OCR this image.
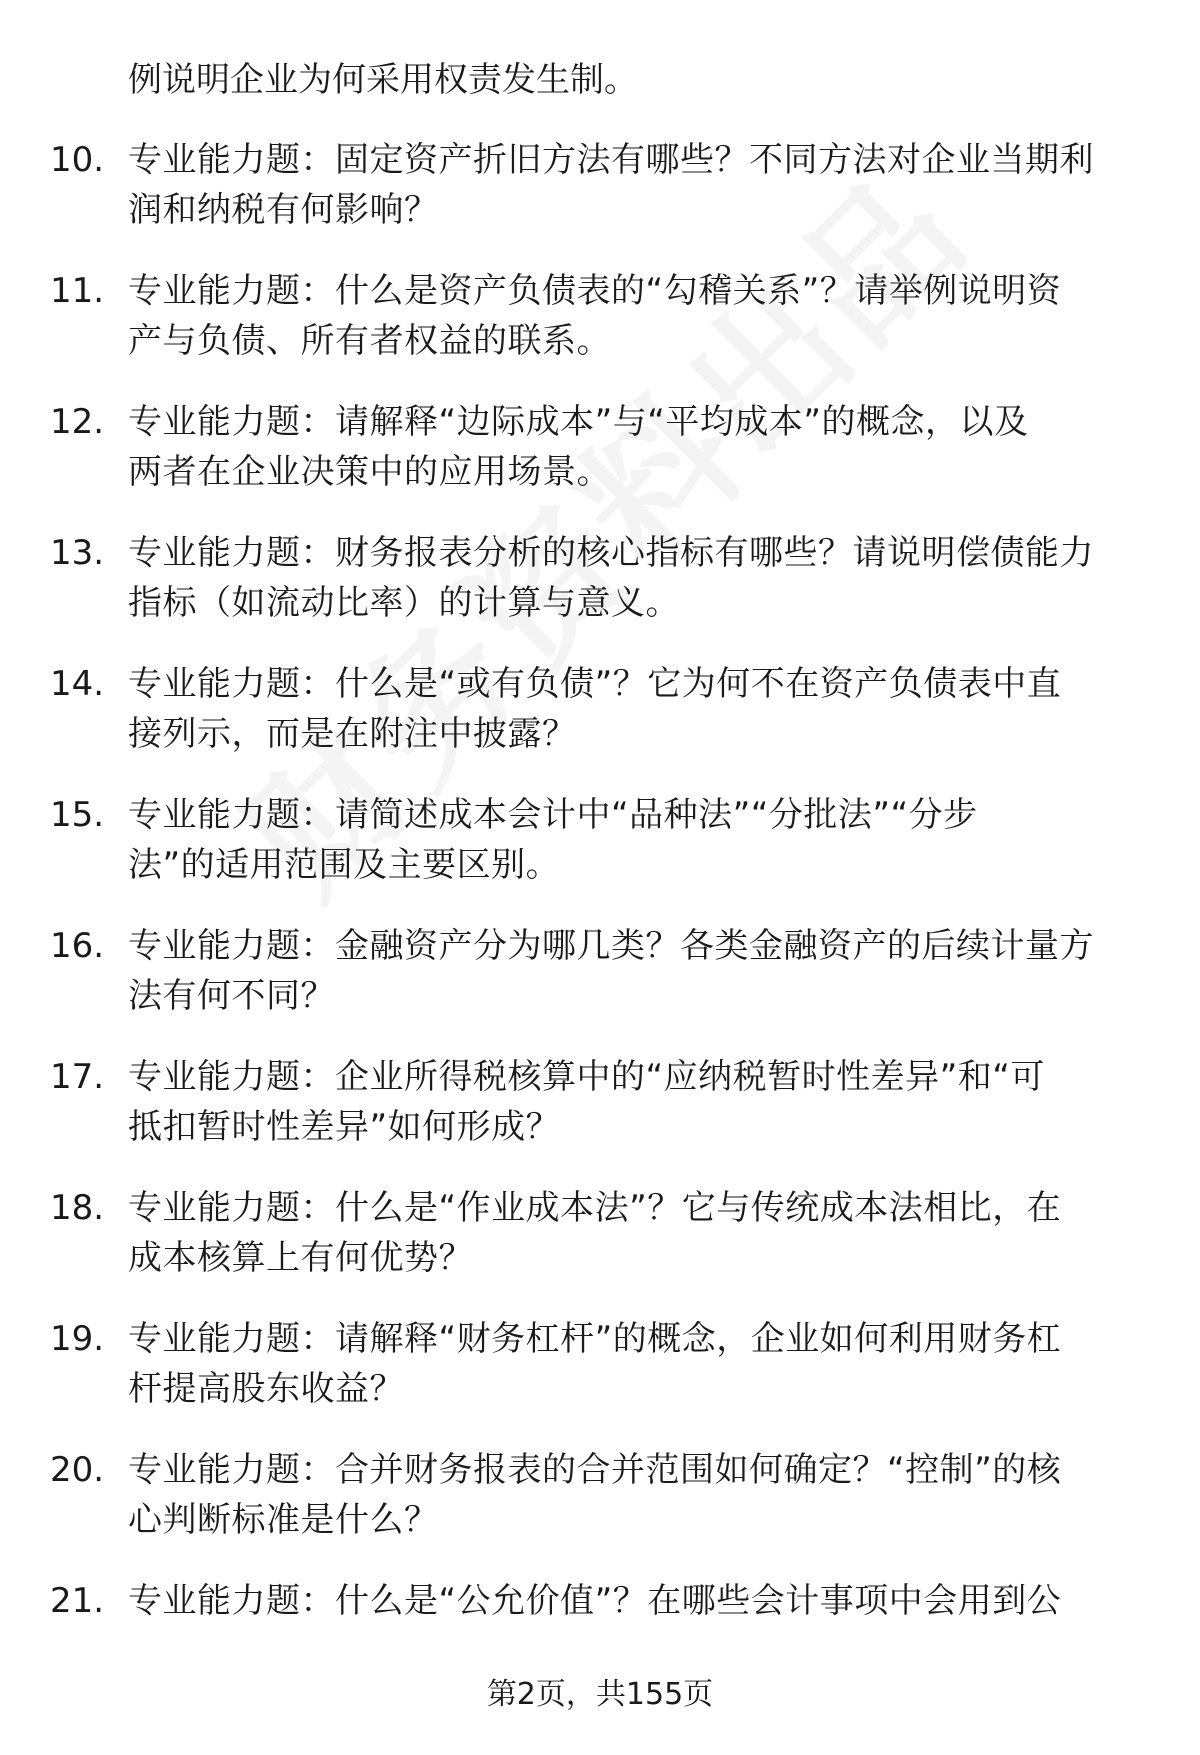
例说明企业为何采用权责发生制。
10. 专业能力题：固定资产折旧方法有哪些？不同方法对企业当期利
润和纳税有何影响？
11. 专业能力题：什么是资产负债表的“勾稽关系”？请举例说明资
产与负债、所有者权益的联系。
12. 专业能力题：请解释“边际成本”与“平均成本”的概念，以及
两者在企业决策中的应用场景。
13. 专业能力题：财务报表分析的核心指标有哪些？请说明偿债能力
指标（如流动比率）的计算与意义。
14. 专业能力题：什么是“或有负债”？它为何不在资产负债表中直
接列示，而是在附注中披露？
15. 专业能力题：请简述成本会计中“品种法”“分批法”“分步
法”的适用范围及主要区别。
16. 专业能力题：金融资产分为哪几类？各类金融资产的后续计量方
法有何不同？
17. 专业能力题：企业所得税核算中的“应纳税暂时性差异”和“可
抵扣暂时性差异”如何形成？
18. 专业能力题：什么是“作业成本法”？它与传统成本法相比，在
成本核算上有何优势？
19. 专业能力题：请解释“财务杠杆”的概念，企业如何利用财务杠
杆提高股东收益？
20. 专业能力题：合并财务报表的合并范围如何确定？“控制”的核
心判断标准是什么？
21. 专业能力题：什么是“公允价值”？在哪些会计事项中会用到公
第2页，共155页
